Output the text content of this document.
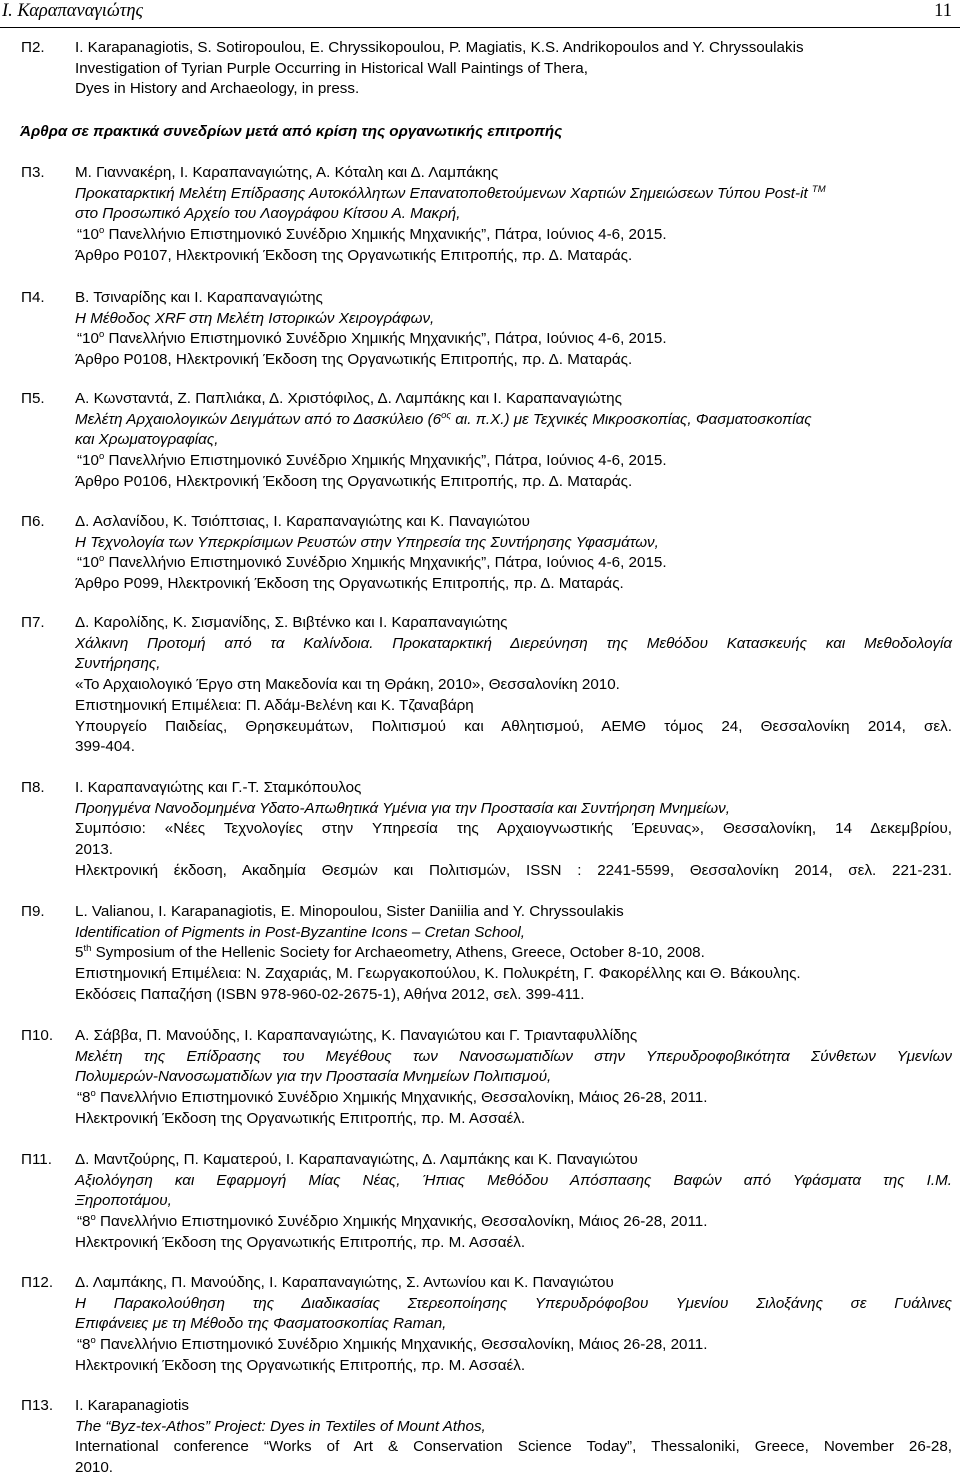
Ι. Καραπαναγιώτης	11
Π2. I. Karapanagiotis, S. Sotiropoulou, E. Chryssikopoulou, P. Magiatis, K.S. Andrikopoulos and Y. Chryssoulakis
Investigation of Tyrian Purple Occurring in Historical Wall Paintings of Thera,
Dyes in History and Archaeology, in press.
Άρθρα σε πρακτικά συνεδρίων μετά από κρίση της οργανωτικής επιτροπής
Π3. Μ. Γιαννακέρη, Ι. Καραπαναγιώτης, Α. Κόταλη και Δ. Λαμπάκης
Προκαταρκτική Μελέτη Επίδρασης Αυτοκόλλητων Επανατοποθετούμενων Χαρτιών Σημειώσεων Τύπου Post-it ™
στο Προσωπικό Αρχείο του Λαογράφου Κίτσου Α. Μακρή,
“$10^o$ Πανελλήνιο Επιστημονικό Συνέδριο Χημικής Μηχανικής”, Πάτρα, Ιούνιος 4-6, 2015.
Άρθρο P0107, Ηλεκτρονική Έκδοση της Οργανωτικής Επιτροπής, πρ. Δ. Ματαράς.
Π4. Β. Τσιναρίδης και Ι. Καραπαναγιώτης
Η Μέθοδος XRF στη Μελέτη Ιστορικών Χειρογράφων,
“$10^o$ Πανελλήνιο Επιστημονικό Συνέδριο Χημικής Μηχανικής”, Πάτρα, Ιούνιος 4-6, 2015.
Άρθρο P0108, Ηλεκτρονική Έκδοση της Οργανωτικής Επιτροπής, πρ. Δ. Ματαράς.
Π5. Α. Κωνσταντά, Ζ. Παπλιάκα, Δ. Χριστόφιλος, Δ. Λαμπάκης και Ι. Καραπαναγιώτης
Μελέτη Αρχαιολογικών Δειγμάτων από το Δασκύλειο ($6^{o\varsigma}$ αι. π.Χ.) με Τεχνικές Μικροσκοπίας, Φασματοσκοπίας
και Χρωματογραφίας,
“$10^o$ Πανελλήνιο Επιστημονικό Συνέδριο Χημικής Μηχανικής”, Πάτρα, Ιούνιος 4-6, 2015.
Άρθρο P0106, Ηλεκτρονική Έκδοση της Οργανωτικής Επιτροπής, πρ. Δ. Ματαράς.
Π6. Δ. Ασλανίδου, Κ. Τσιόπτσιας, Ι. Καραπαναγιώτης και Κ. Παναγιώτου
Η Τεχνολογία των Υπερκρίσιμων Ρευστών στην Υπηρεσία της Συντήρησης Υφασμάτων,
“$10^o$ Πανελλήνιο Επιστημονικό Συνέδριο Χημικής Μηχανικής”, Πάτρα, Ιούνιος 4-6, 2015.
Άρθρο P099, Ηλεκτρονική Έκδοση της Οργανωτικής Επιτροπής, πρ. Δ. Ματαράς.
Π7. Δ. Καρολίδης, Κ. Σισμανίδης, Σ. Βιβτένκο και Ι. Καραπαναγιώτης
Χάλκινη Προτομή από τα Καλίνδοια. Προκαταρκτική Διερεύνηση της Μεθόδου Κατασκευής και Μεθοδολογία
Συντήρησης,
«Το Αρχαιολογικό Έργο στη Μακεδονία και τη Θράκη, 2010», Θεσσαλονίκη 2010.
Επιστημονική Επιμέλεια: Π. Αδάμ-Βελένη και Κ. Τζαναβάρη
Υπουργείο Παιδείας, Θρησκευμάτων, Πολιτισμού και Αθλητισμού, ΑΕΜΘ τόμος 24, Θεσσαλονίκη 2014, σελ.
399-404.
Π8. Ι. Καραπαναγιώτης και Γ.-Τ. Σταμκόπουλος
Προηγμένα Νανοδομημένα Υδατο-Απωθητικά Υμένια για την Προστασία και Συντήρηση Μνημείων,
Συμπόσιο: «Νέες Τεχνολογίες στην Υπηρεσία της Αρχαιογνωστικής Έρευνας», Θεσσαλονίκη, 14 Δεκεμβρίου,
2013.
Ηλεκτρονική έκδοση, Ακαδημία Θεσμών και Πολιτισμών, ISSN : 2241-5599, Θεσσαλονίκη 2014, σελ. 221-231.
Π9. L. Valianou, I. Karapanagiotis, E. Minopoulou, Sister Daniilia and Y. Chryssoulakis
Identification of Pigments in Post-Byzantine Icons – Cretan School,
5th Symposium of the Hellenic Society for Archaeometry, Athens, Greece, October 8-10, 2008.
Επιστημονική Επιμέλεια: Ν. Ζαχαριάς, Μ. Γεωργακοπούλου, Κ. Πολυκρέτη, Γ. Φακορέλλης και Θ. Βάκουλης.
Εκδόσεις Παπαζήση (ISBN 978-960-02-2675-1), Αθήνα 2012, σελ. 399-411.
Π10. Α. Σάββα, Π. Μανούδης, Ι. Καραπαναγιώτης, Κ. Παναγιώτου και Γ. Τριανταφυλλίδης
Μελέτη της Επίδρασης του Μεγέθους των Νανοσωματιδίων στην Υπερυδροφοβικότητα Σύνθετων Υμενίων
Πολυμερών-Νανοσωματιδίων για την Προστασία Μνημείων Πολιτισμού,
“$8^o$ Πανελλήνιο Επιστημονικό Συνέδριο Χημικής Μηχανικής, Θεσσαλονίκη, Μάιος 26-28, 2011.
Ηλεκτρονική Έκδοση της Οργανωτικής Επιτροπής, πρ. Μ. Ασσαέλ.
Π11. Δ. Μαντζούρης, Π. Καματερού, Ι. Καραπαναγιώτης, Δ. Λαμπάκης και Κ. Παναγιώτου
Αξιολόγηση και Εφαρμογή Μίας Νέας, Ήπιας Μεθόδου Απόσπασης Βαφών από Υφάσματα της Ι.Μ.
Ξηροποτάμου,
“$8^o$ Πανελλήνιο Επιστημονικό Συνέδριο Χημικής Μηχανικής, Θεσσαλονίκη, Μάιος 26-28, 2011.
Ηλεκτρονική Έκδοση της Οργανωτικής Επιτροπής, πρ. Μ. Ασσαέλ.
Π12. Δ. Λαμπάκης, Π. Μανούδης, Ι. Καραπαναγιώτης, Σ. Αντωνίου και Κ. Παναγιώτου
Η Παρακολούθηση της Διαδικασίας Στερεοποίησης Υπερυδρόφοβου Υμενίου Σιλοξάνης σε Γυάλινες
Επιφάνειες με τη Μέθοδο της Φασματοσκοπίας Raman,
“$8^o$ Πανελλήνιο Επιστημονικό Συνέδριο Χημικής Μηχανικής, Θεσσαλονίκη, Μάιος 26-28, 2011.
Ηλεκτρονική Έκδοση της Οργανωτικής Επιτροπής, πρ. Μ. Ασσαέλ.
Π13. I. Karapanagiotis
The “Byz-tex-Athos” Project: Dyes in Textiles of Mount Athos,
International conference “Works of Art & Conservation Science Today”, Thessaloniki, Greece, November 26-28,
2010.
